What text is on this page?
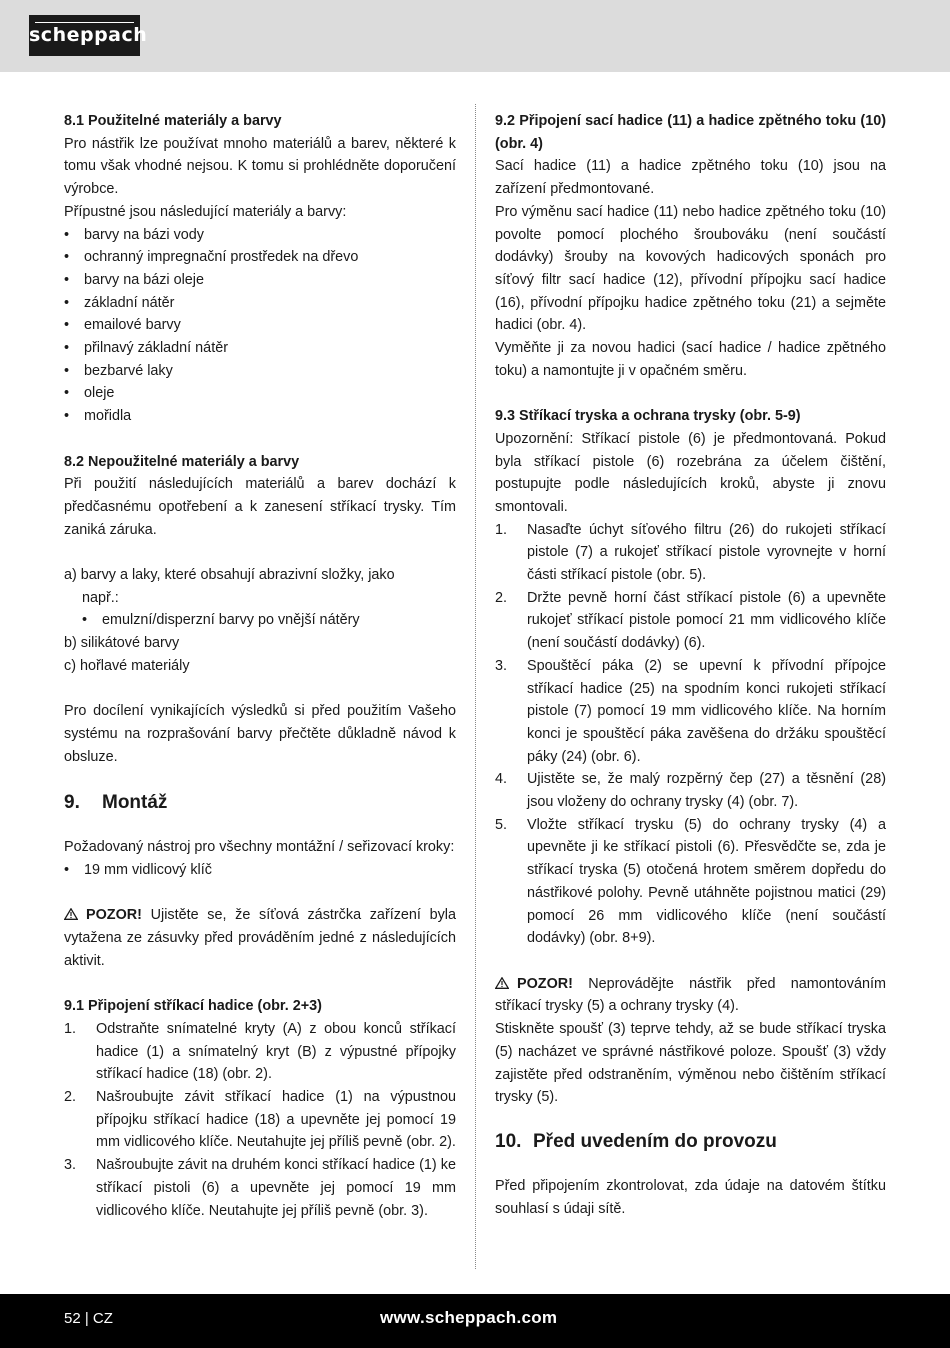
scheppach

8.1 Použitelné materiály a barvy

Pro nástřik lze používat mnoho materiálů a barev, některé k tomu však vhodné nejsou. K tomu si prohlédněte doporučení výrobce.

Přípustné jsou následující materiály a barvy:

• barvy na bázi vody

• ochranný impregnační prostředek na dřevo

• barvy na bázi oleje

• základní nátěr

• emailové barvy

• přilnavý základní nátěr

• bezbarvé laky

• oleje

• mořidla

8.2 Nepoužitelné materiály a barvy

Při použití následujících materiálů a barev dochází k předčasnému opotřebení a k zanesení stříkací trysky. Tím zaniká záruka.

a) barvy a laky, které obsahují abrazivní složky, jako

např.:

• emulzní/disperzní barvy po vnější nátěry

b) silikátové barvy

c) hořlavé materiály

Pro docílení vynikajících výsledků si před použitím Vašeho systému na rozprašování barvy přečtěte důkladně návod k obsluze.

9. Montáž

Požadovaný nástroj pro všechny montážní / seřizovací kroky:

• 19 mm vidlicový klíč

POZOR! Ujistěte se, že síťová zástrčka zařízení byla vytažena ze zásuvky před prováděním jedné z následujících aktivit.

9.1 Připojení stříkací hadice (obr. 2+3)

1. Odstraňte snímatelné kryty (A) z obou konců stříkací hadice (1) a snímatelný kryt (B) z výpustné přípojky stříkací hadice (18) (obr. 2).
2. Našroubujte závit stříkací hadice (1) na výpustnou přípojku stříkací hadice (18) a upevněte jej pomocí 19 mm vidlicového klíče. Neutahujte jej příliš pevně (obr. 2).
3. Našroubujte závit na druhém konci stříkací hadice (1) ke stříkací pistoli (6) a upevněte jej pomocí 19 mm vidlicového klíče. Neutahujte jej příliš pevně (obr. 3).

9.2 Připojení sací hadice (11) a hadice zpětného toku (10) (obr. 4)

Sací hadice (11) a hadice zpětného toku (10) jsou na zařízení předmontované.

Pro výměnu sací hadice (11) nebo hadice zpětného toku (10) povolte pomocí plochého šroubováku (není součástí dodávky) šrouby na kovových hadicových sponách pro síťový filtr sací hadice (12), přívodní přípojku sací hadice (16), přívodní přípojku hadice zpětného toku (21) a sejměte hadici (obr. 4).

Vyměňte ji za novou hadici (sací hadice / hadice zpětného toku) a namontujte ji v opačném směru.

9.3 Stříkací tryska a ochrana trysky (obr. 5-9)

Upozornění: Stříkací pistole (6) je předmontovaná. Pokud byla stříkací pistole (6) rozebrána za účelem čištění, postupujte podle následujících kroků, abyste ji znovu smontovali.

1. Nasaďte úchyt síťového filtru (26) do rukojeti stříkací pistole (7) a rukojeť stříkací pistole vyrovnejte v horní části stříkací pistole (obr. 5).
2. Držte pevně horní část stříkací pistole (6) a upevněte rukojeť stříkací pistole pomocí 21 mm vidlicového klíče (není součástí dodávky) (6).
3. Spouštěcí páka (2) se upevní k přívodní přípojce stříkací hadice (25) na spodním konci rukojeti stříkací pistole (7) pomocí 19 mm vidlicového klíče. Na horním konci je spouštěcí páka zavěšena do držáku spouštěcí páky (24) (obr. 6).
4. Ujistěte se, že malý rozpěrný čep (27) a těsnění (28) jsou vloženy do ochrany trysky (4) (obr. 7).
5. Vložte stříkací trysku (5) do ochrany trysky (4) a upevněte ji ke stříkací pistoli (6). Přesvědčte se, zda je stříkací tryska (5) otočená hrotem směrem dopředu do nástřikové polohy. Pevně utáhněte pojistnou matici (29) pomocí 26 mm vidlicového klíče (není součástí dodávky) (obr. 8+9).

POZOR! Neprovádějte nástřik před namontováním stříkací trysky (5) a ochrany trysky (4).

Stiskněte spoušť (3) teprve tehdy, až se bude stříkací tryska (5) nacházet ve správné nástřikové poloze. Spoušť (3) vždy zajistěte před odstraněním, výměnou nebo čištěním stříkací trysky (5).

10. Před uvedením do provozu

Před připojením zkontrolovat, zda údaje na datovém štítku souhlasí s údaji sítě.

52 | CZ	www.scheppach.com
